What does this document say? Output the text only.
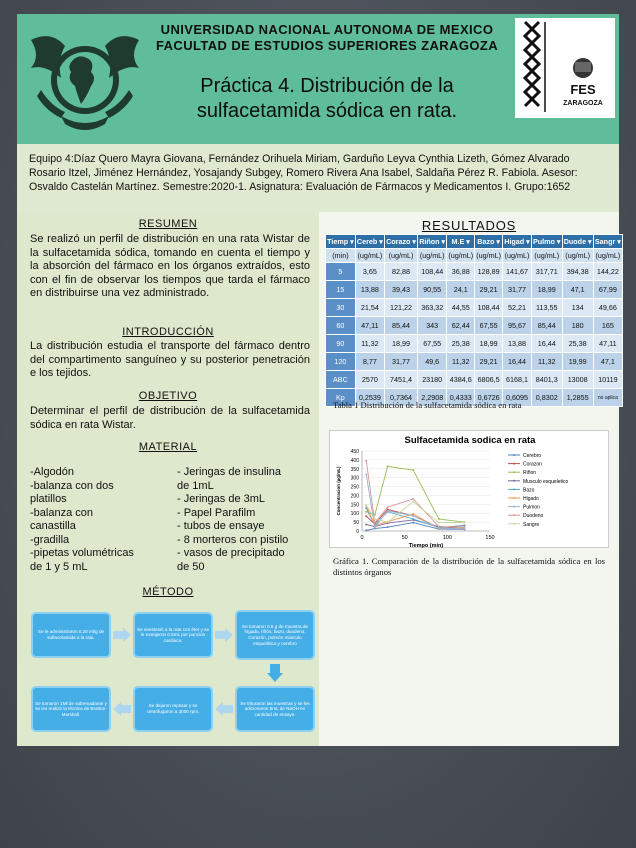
UNIVERSIDAD NACIONAL AUTONOMA DE MEXICO
FACULTAD DE ESTUDIOS SUPERIORES ZARAGOZA
Práctica 4. Distribución de la
sulfacetamida sódica en rata.
FES
ZARAGOZA
Equipo 4:Díaz Quero Mayra Giovana, Fernández Orihuela Miriam, Garduño Leyva Cynthia Lizeth, Gómez Alvarado Rosario Itzel, Jiménez Hernández, Yosajandy Subgey, Romero Rivera Ana Isabel, Saldaña Pérez R. Fabiola. Asesor: Osvaldo Castelán Martínez. Semestre:2020-1. Asignatura: Evaluación de Fármacos y Medicamentos I. Grupo:1652
RESUMEN
Se realizó un perfil de distribución en una rata Wistar de la sulfacetamida sódica, tomando en cuenta el tiempo y la absorción del fármaco en los órganos extraídos, esto con el fin de observar los tiempos que tarda el fármaco en distribuirse una vez administrado.
INTRODUCCIÓN
La distribución estudia el transporte del fármaco dentro del compartimento sanguíneo y su posterior penetración e los tejidos.
OBJETIVO
Determinar el perfil de distribución de la sulfacetamida sódica en rata Wistar.
MATERIAL
-Algodón
-balanza con dos
platillos
-balanza con
canastilla
-gradilla
-pipetas volumétricas
de 1 y 5 mL
- Jeringas de insulina
de 1mL
- Jeringas de 3mL
- Papel Parafilm
- tubos de ensaye
- 8 morteros con pistilo
- vasos de precipitado
de 50
MÉTODO
Se le administraron 0.20 ml/g de sulfacetamida a la rata.
Se anestesió a la rata con éter y se le extrajeron 0.5mL por punción cardiaca.
Se tomaron 0.5 g de muestra de hígado, riñón, bazo, duodeno. Corazón, pulmón músculo esquelético y cerebro
Se trituraron las muestras y se les adicionaron 5mL de NaOH en cantidad de ensaye.
Se dejaron reposar y se centrifugaron a 3000 rpm.
Se tomaron 1Ml de sobrenadante y se les realizó la técnica de Bratton-Marshall.
RESULTADOS
Tiemp ▾	Cereb ▾	Corazo ▾	Riñon ▾	M.E ▾	Bazo ▾	Higad ▾	Pulmo ▾	Duode ▾	Sangr ▾
(min)	(ug/mL)	(ug/mL)	(ug/mL)	(ug/mL)	(ug/mL)	(ug/mL)	(ug/mL)	(ug/mL)	(ug/mL)
5	3,65	82,88	108,44	36,88	128,89	141,67	317,71	394,38	144,22
15	13,88	39,43	90,55	24,1	29,21	31,77	18,99	47,1	67,99
30	21,54	121,22	363,32	44,55	108,44	52,21	113,55	134	49,66
60	47,11	85,44	343	62,44	67,55	95,67	85,44	180	165
90	11,32	18,99	67,55	25,38	18,99	13,88	16,44	25,38	47,11
120	8,77	31,77	49,6	11,32	29,21	16,44	11,32	19,99	47,1
ABC	2570	7451,4	23180	4384,6	6806,5	6168,1	8401,3	13008	10119
Kp	0,2539	0,7364	2,2908	0,4333	0,6726	0,6095	0,8302	1,2855	no aplica
Tabla 1 Distribución de la sulfacetamida sódica en rata
Sulfacetamida sodica en rata
0
50
100
150
200
250
300
350
400
450
0	50	100	150
Tiempo (min)
Concentracion (µg/mL)
Cerebro
Corazon
Riñon
Musculo esqueletico
Bazo
Higado
Pulmon
Duodeno
Sangre
Gráfica 1. Comparación de la distribución de la sulfacetamida sódica en los distintos órganos
